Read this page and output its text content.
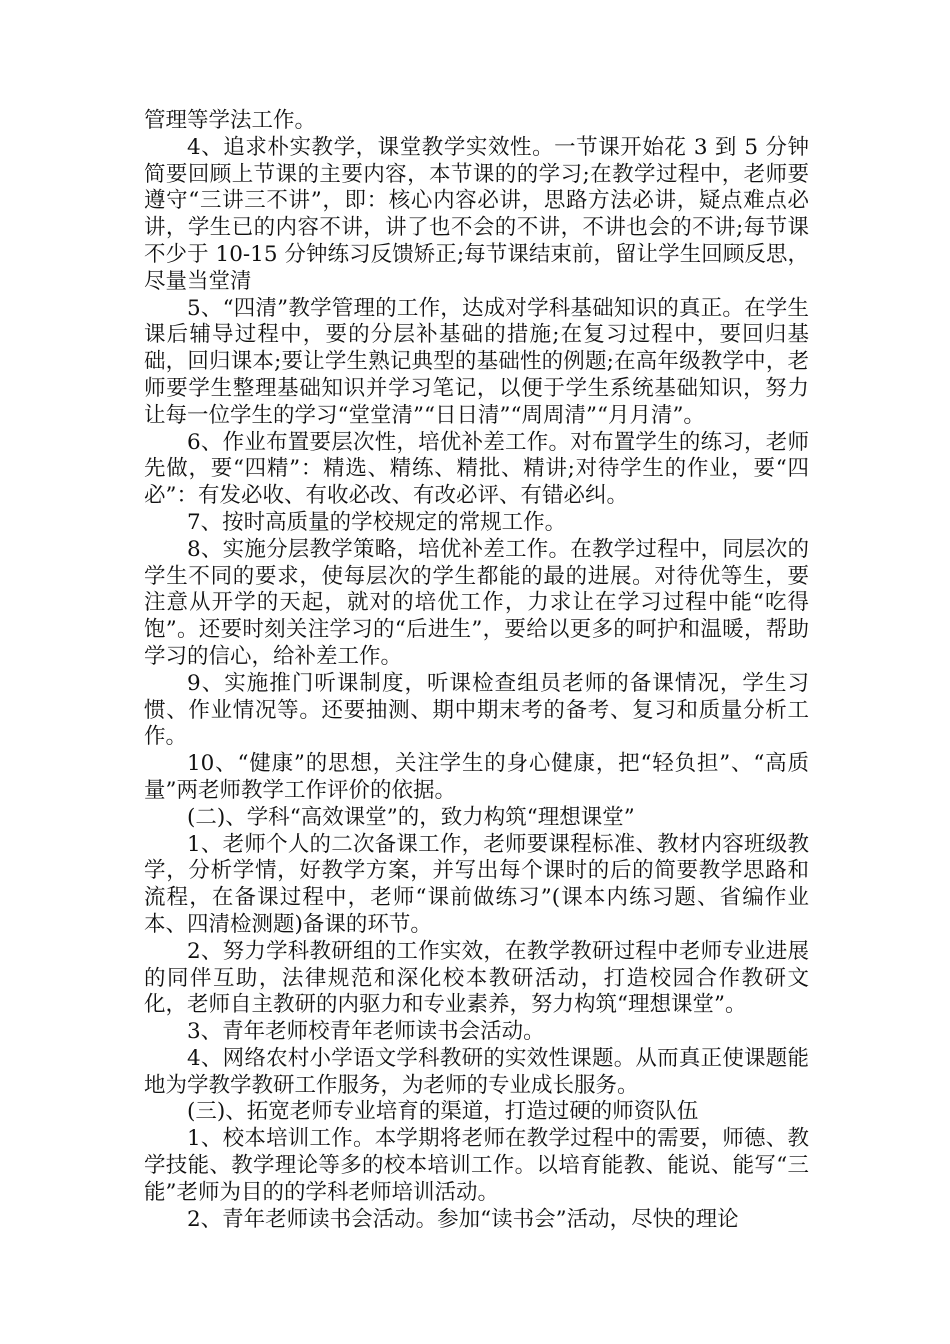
管理等学法工作。

4、追求朴实教学，课堂教学实效性。一节课开始花 3 到 5 分钟简要回顾上节课的主要内容，本节课的的学习;在教学过程中，老师要遵守“三讲三不讲”，即：核心内容必讲，思路方法必讲，疑点难点必讲，学生已的内容不讲，讲了也不会的不讲，不讲也会的不讲;每节课不少于 10-15 分钟练习反馈矫正;每节课结束前，留让学生回顾反思，尽量当堂清

5、“四清”教学管理的工作，达成对学科基础知识的真正。在学生课后辅导过程中，要的分层补基础的措施;在复习过程中，要回归基础，回归课本;要让学生熟记典型的基础性的例题;在高年级教学中，老师要学生整理基础知识并学习笔记，以便于学生系统基础知识，努力让每一位学生的学习“堂堂清”“日日清”“周周清”“月月清”。

6、作业布置要层次性，培优补差工作。对布置学生的练习，老师先做，要“四精”：精选、精练、精批、精讲;对待学生的作业，要“四必”：有发必收、有收必改、有改必评、有错必纠。

7、按时高质量的学校规定的常规工作。

8、实施分层教学策略，培优补差工作。在教学过程中，同层次的学生不同的要求，使每层次的学生都能的最的进展。对待优等生，要注意从开学的天起，就对的培优工作，力求让在学习过程中能“吃得饱”。还要时刻关注学习的“后进生”，要给以更多的呵护和温暖，帮助学习的信心，给补差工作。

9、实施推门听课制度，听课检查组员老师的备课情况，学生习惯、作业情况等。还要抽测、期中期末考的备考、复习和质量分析工作。

10、“健康”的思想，关注学生的身心健康，把“轻负担”、“高质量”两老师教学工作评价的依据。

(二)、学科“高效课堂”的，致力构筑“理想课堂”

1、老师个人的二次备课工作，老师要课程标准、教材内容班级教学，分析学情，好教学方案，并写出每个课时的后的简要教学思路和流程，在备课过程中，老师“课前做练习”(课本内练习题、省编作业本、四清检测题)备课的环节。

2、努力学科教研组的工作实效，在教学教研过程中老师专业进展的同伴互助，法律规范和深化校本教研活动，打造校园合作教研文化，老师自主教研的内驱力和专业素养，努力构筑“理想课堂”。

3、青年老师校青年老师读书会活动。

4、网络农村小学语文学科教研的实效性课题。从而真正使课题能地为学教学教研工作服务，为老师的专业成长服务。

(三)、拓宽老师专业培育的渠道，打造过硬的师资队伍

1、校本培训工作。本学期将老师在教学过程中的需要，师德、教学技能、教学理论等多的校本培训工作。以培育能教、能说、能写“三能”老师为目的的学科老师培训活动。

2、青年老师读书会活动。参加“读书会”活动，尽快的理论
